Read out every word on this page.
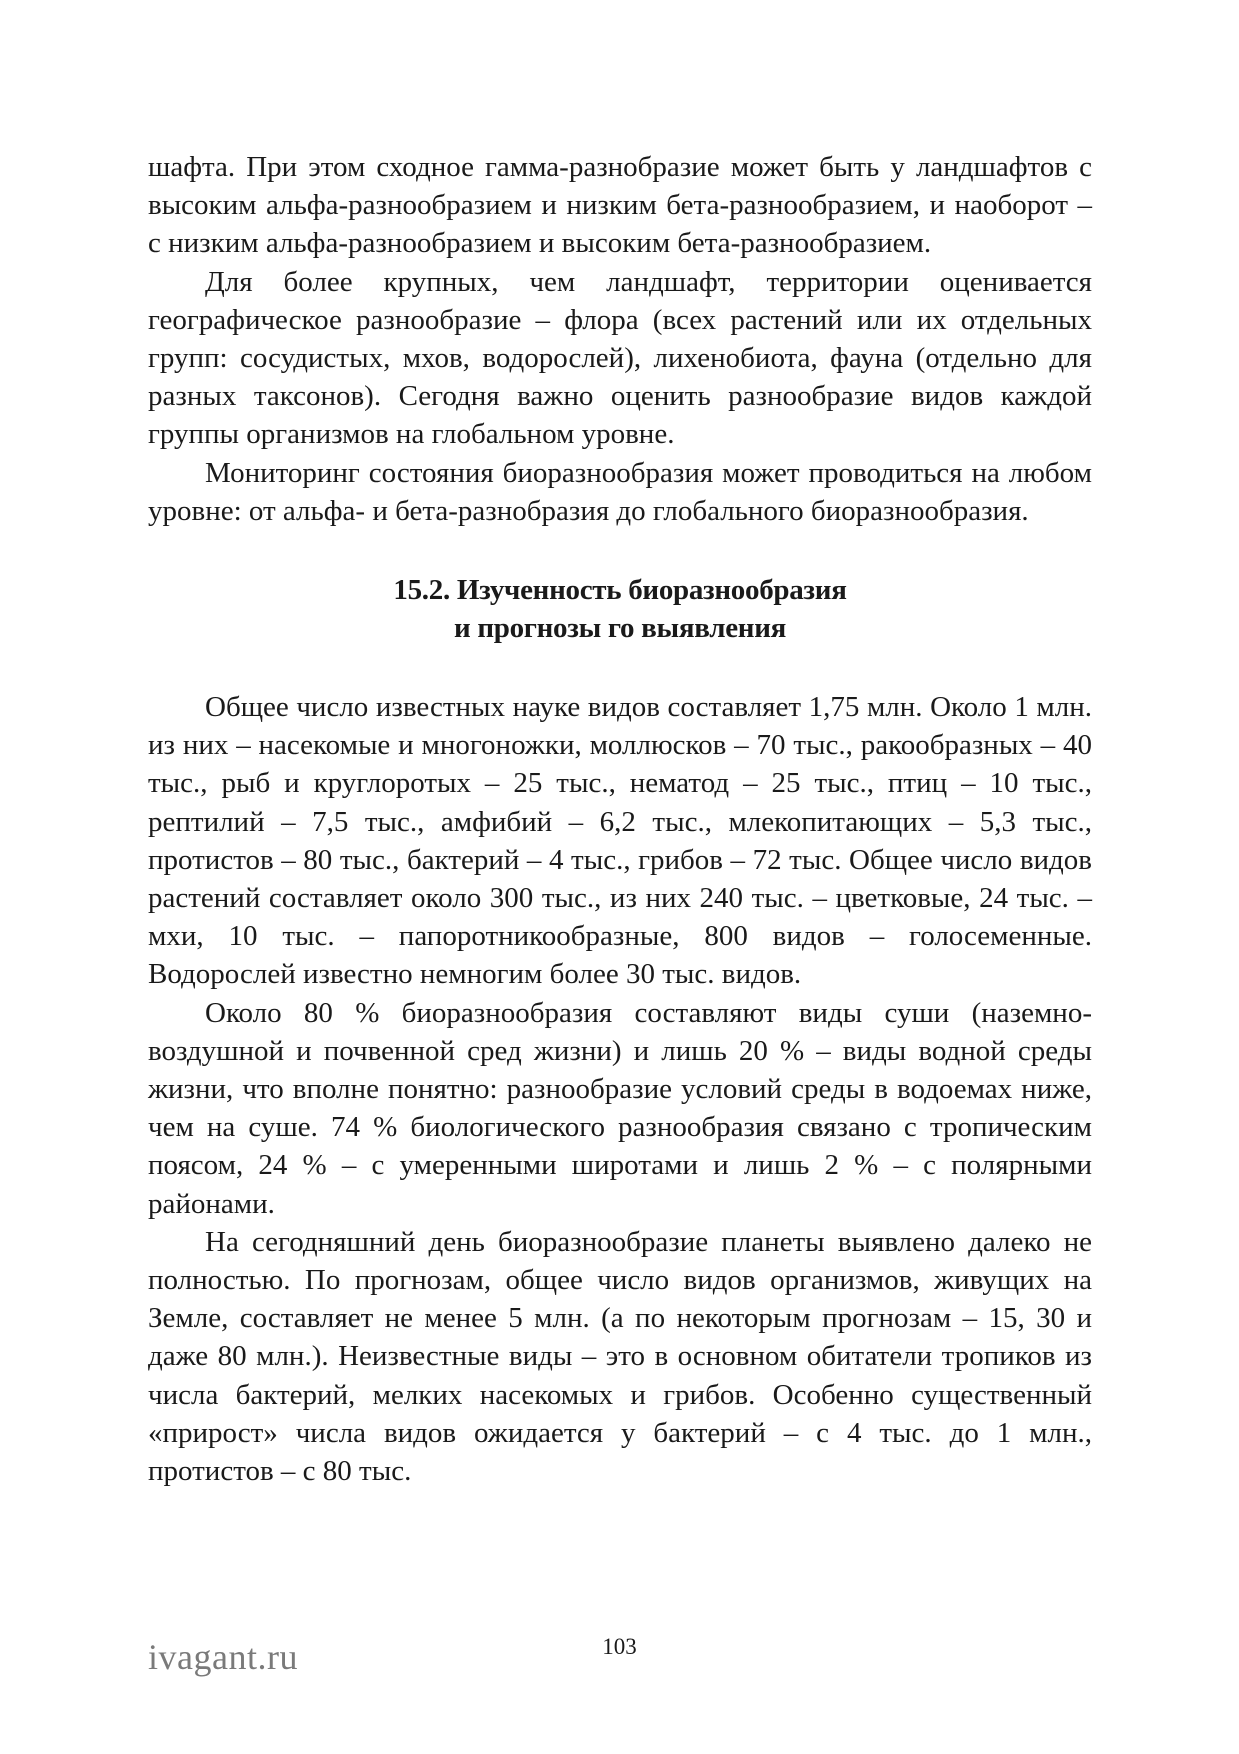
шафта. При этом сходное гамма-разнобразие может быть у ландшафтов с высоким альфа-разнообразием и низким бета-разнообразием, и наоборот – с низким альфа-разнообразием и высоким бета-разнообразием.

Для более крупных, чем ландшафт, территории оценивается географическое разнообразие – флора (всех растений или их отдельных групп: сосудистых, мхов, водорослей), лихенобиота, фауна (отдельно для разных таксонов). Сегодня важно оценить разнообразие видов каждой группы организмов на глобальном уровне.

Мониторинг состояния биоразнообразия может проводиться на любом уровне: от альфа- и бета-разнобразия до глобального биоразнообразия.

15.2. Изученность биоразнообразия
и прогнозы го выявления

Общее число известных науке видов составляет 1,75 млн. Около 1 млн. из них – насекомые и многоножки, моллюсков – 70 тыс., ракообразных – 40 тыс., рыб и круглоротых – 25 тыс., нематод – 25 тыс., птиц – 10 тыс., рептилий – 7,5 тыс., амфибий – 6,2 тыс., млекопитающих – 5,3 тыс., протистов – 80 тыс., бактерий – 4 тыс., грибов – 72 тыс. Общее число видов растений составляет около 300 тыс., из них 240 тыс. – цветковые, 24 тыс. – мхи, 10 тыс. – папоротникообразные, 800 видов – голосеменные. Водорослей известно немногим более 30 тыс. видов.

Около 80 % биоразнообразия составляют виды суши (наземно-воздушной и почвенной сред жизни) и лишь 20 % – виды водной среды жизни, что вполне понятно: разнообразие условий среды в водоемах ниже, чем на суше. 74 % биологического разнообразия связано с тропическим поясом, 24 % – с умеренными широтами и лишь 2 % – с полярными районами.

На сегодняшний день биоразнообразие планеты выявлено далеко не полностью. По прогнозам, общее число видов организмов, живущих на Земле, составляет не менее 5 млн. (а по некоторым прогнозам – 15, 30 и даже 80 млн.). Неизвестные виды – это в основном обитатели тропиков из числа бактерий, мелких насекомых и грибов. Особенно существенный «прирост» числа видов ожидается у бактерий – с 4 тыс. до 1 млн., протистов – с 80 тыс.

ivagant.ru	103
